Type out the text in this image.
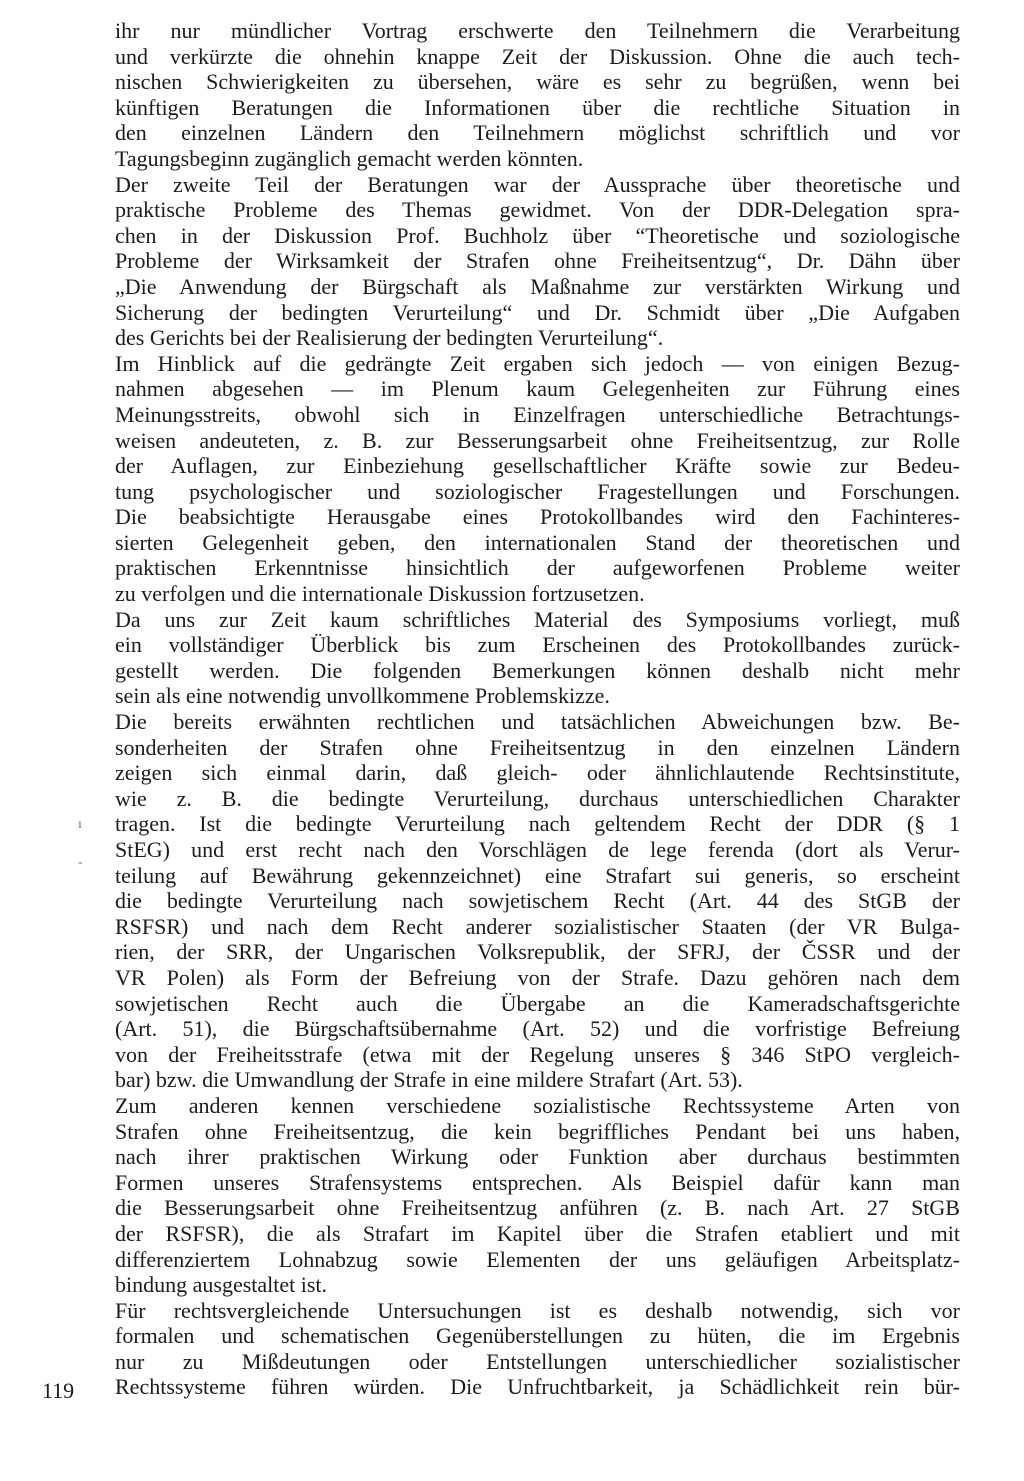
ihr nur mündlicher Vortrag erschwerte den Teilnehmern die Verarbeitung
und verkürzte die ohnehin knappe Zeit der Diskussion. Ohne die auch tech-
nischen Schwierigkeiten zu übersehen, wäre es sehr zu begrüßen, wenn bei
künftigen Beratungen die Informationen über die rechtliche Situation in
den einzelnen Ländern den Teilnehmern möglichst schriftlich und vor
Tagungsbeginn zugänglich gemacht werden könnten.
Der zweite Teil der Beratungen war der Aussprache über theoretische und
praktische Probleme des Themas gewidmet. Von der DDR-Delegation spra-
chen in der Diskussion Prof. Buchholz über “Theoretische und soziologische
Probleme der Wirksamkeit der Strafen ohne Freiheitsentzug“, Dr. Dähn über
„Die Anwendung der Bürgschaft als Maßnahme zur verstärkten Wirkung und
Sicherung der bedingten Verurteilung“ und Dr. Schmidt über „Die Aufgaben
des Gerichts bei der Realisierung der bedingten Verurteilung“.
Im Hinblick auf die gedrängte Zeit ergaben sich jedoch — von einigen Bezug-
nahmen abgesehen — im Plenum kaum Gelegenheiten zur Führung eines
Meinungsstreits, obwohl sich in Einzelfragen unterschiedliche Betrachtungs-
weisen andeuteten, z. B. zur Besserungsarbeit ohne Freiheitsentzug, zur Rolle
der Auflagen, zur Einbeziehung gesellschaftlicher Kräfte sowie zur Bedeu-
tung psychologischer und soziologischer Fragestellungen und Forschungen.
Die beabsichtigte Herausgabe eines Protokollbandes wird den Fachinteres-
sierten Gelegenheit geben, den internationalen Stand der theoretischen und
praktischen Erkenntnisse hinsichtlich der aufgeworfenen Probleme weiter
zu verfolgen und die internationale Diskussion fortzusetzen.
Da uns zur Zeit kaum schriftliches Material des Symposiums vorliegt, muß
ein vollständiger Überblick bis zum Erscheinen des Protokollbandes zurück-
gestellt werden. Die folgenden Bemerkungen können deshalb nicht mehr
sein als eine notwendig unvollkommene Problemskizze.
Die bereits erwähnten rechtlichen und tatsächlichen Abweichungen bzw. Be-
sonderheiten der Strafen ohne Freiheitsentzug in den einzelnen Ländern
zeigen sich einmal darin, daß gleich- oder ähnlichlautende Rechtsinstitute,
wie z. B. die bedingte Verurteilung, durchaus unterschiedlichen Charakter
tragen. Ist die bedingte Verurteilung nach geltendem Recht der DDR (§ 1
StEG) und erst recht nach den Vorschlägen de lege ferenda (dort als Verur-
teilung auf Bewährung gekennzeichnet) eine Strafart sui generis, so erscheint
die bedingte Verurteilung nach sowjetischem Recht (Art. 44 des StGB der
RSFSR) und nach dem Recht anderer sozialistischer Staaten (der VR Bulga-
rien, der SRR, der Ungarischen Volksrepublik, der SFRJ, der ČSSR und der
VR Polen) als Form der Befreiung von der Strafe. Dazu gehören nach dem
sowjetischen Recht auch die Übergabe an die Kameradschaftsgerichte
(Art. 51), die Bürgschaftsübernahme (Art. 52) und die vorfristige Befreiung
von der Freiheitsstrafe (etwa mit der Regelung unseres § 346 StPO vergleich-
bar) bzw. die Umwandlung der Strafe in eine mildere Strafart (Art. 53).
Zum anderen kennen verschiedene sozialistische Rechtssysteme Arten von
Strafen ohne Freiheitsentzug, die kein begriffliches Pendant bei uns haben,
nach ihrer praktischen Wirkung oder Funktion aber durchaus bestimmten
Formen unseres Strafensystems entsprechen. Als Beispiel dafür kann man
die Besserungsarbeit ohne Freiheitsentzug anführen (z. B. nach Art. 27 StGB
der RSFSR), die als Strafart im Kapitel über die Strafen etabliert und mit
differenziertem Lohnabzug sowie Elementen der uns geläufigen Arbeitsplatz-
bindung ausgestaltet ist.
Für rechtsvergleichende Untersuchungen ist es deshalb notwendig, sich vor
formalen und schematischen Gegenüberstellungen zu hüten, die im Ergebnis
nur zu Mißdeutungen oder Entstellungen unterschiedlicher sozialistischer
Rechtssysteme führen würden. Die Unfruchtbarkeit, ja Schädlichkeit rein bür-
ı
-
119
